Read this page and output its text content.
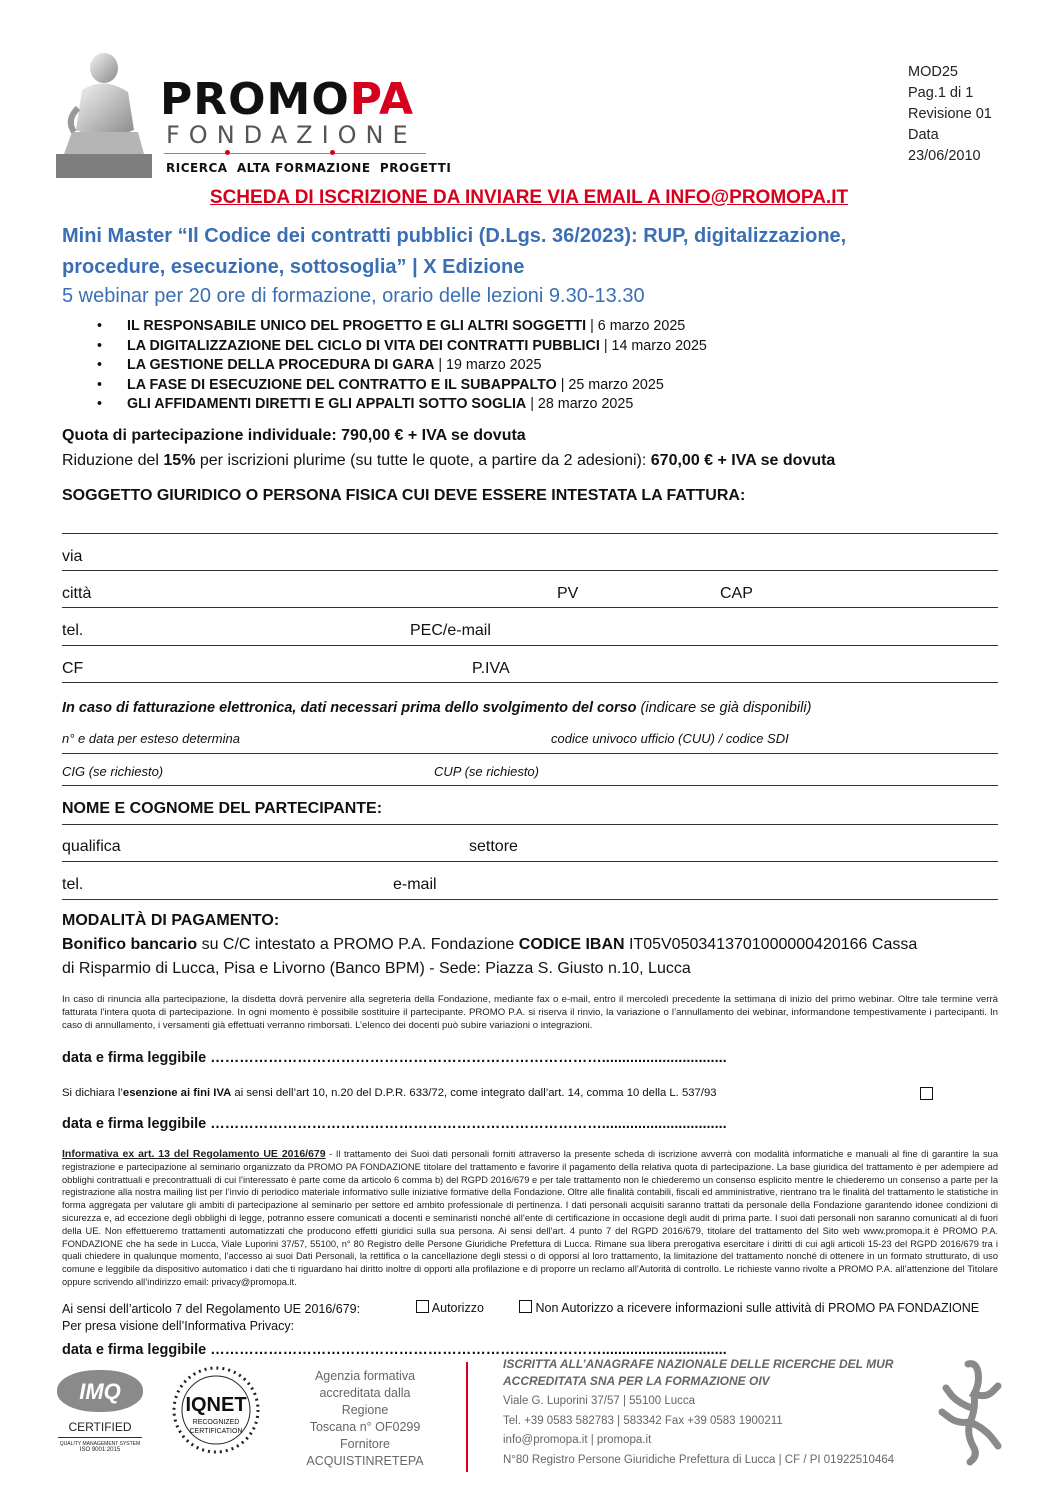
PROMOPA
FONDAZIONE
RICERCA  ALTA FORMAZIONE  PROGETTI
MOD25
Pag.1 di 1
Revisione 01
Data
23/06/2010
SCHEDA DI ISCRIZIONE DA INVIARE VIA EMAIL A INFO@PROMOPA.IT
Mini Master “Il Codice dei contratti pubblici (D.Lgs. 36/2023): RUP, digitalizzazione,
procedure, esecuzione, sottosoglia” | X Edizione
5 webinar per 20 ore di formazione, orario delle lezioni 9.30-13.30
• IL RESPONSABILE UNICO DEL PROGETTO E GLI ALTRI SOGGETTI | 6 marzo 2025
• LA DIGITALIZZAZIONE DEL CICLO DI VITA DEI CONTRATTI PUBBLICI | 14 marzo 2025
• LA GESTIONE DELLA PROCEDURA DI GARA | 19 marzo 2025
• LA FASE DI ESECUZIONE DEL CONTRATTO E IL SUBAPPALTO | 25 marzo 2025
• GLI AFFIDAMENTI DIRETTI E GLI APPALTI SOTTO SOGLIA | 28 marzo 2025
Quota di partecipazione individuale: 790,00 € + IVA se dovuta
Riduzione del 15% per iscrizioni plurime (su tutte le quote, a partire da 2 adesioni): 670,00 € + IVA se dovuta
SOGGETTO GIURIDICO O PERSONA FISICA CUI DEVE ESSERE INTESTATA LA FATTURA:
via
città	PV	CAP
tel.	PEC/e-mail
CF	P.IVA
In caso di fatturazione elettronica, dati necessari prima dello svolgimento del corso (indicare se già disponibili)
n° e data per esteso determina	codice univoco ufficio (CUU) / codice SDI
CIG (se richiesto)	CUP (se richiesto)
NOME E COGNOME DEL PARTECIPANTE:
qualifica	settore
tel.	e-mail
MODALITÀ DI PAGAMENTO:
Bonifico bancario su C/C intestato a PROMO P.A. Fondazione CODICE IBAN IT05V0503413701000000420166 Cassa
di Risparmio di Lucca, Pisa e Livorno (Banco BPM) - Sede: Piazza S. Giusto n.10, Lucca
In caso di rinuncia alla partecipazione, la disdetta dovrà pervenire alla segreteria della Fondazione, mediante fax o e-mail, entro il mercoledì precedente la settimana di inizio del primo webinar. Oltre tale termine verrà fatturata l’intera quota di partecipazione. In ogni momento è possibile sostituire il partecipante. PROMO P.A. si riserva il rinvio, la variazione o l’annullamento dei webinar, informandone tempestivamente i partecipanti. In caso di annullamento, i versamenti già effettuati verranno rimborsati. L’elenco dei docenti può subire variazioni o integrazioni.
data e firma leggibile ………………………………………………………………………...............................
Si dichiara l’esenzione ai fini IVA ai sensi dell’art 10, n.20 del D.P.R. 633/72, come integrato dall’art. 14, comma 10 della L. 537/93
data e firma leggibile ………………………………………………………………………...............................
Informativa ex art. 13 del Regolamento UE 2016/679 - Il trattamento dei Suoi dati personali forniti attraverso la presente scheda di iscrizione avverrà con modalità informatiche e manuali al fine di garantire la sua registrazione e partecipazione al seminario organizzato da PROMO PA FONDAZIONE titolare del trattamento e favorire il pagamento della relativa quota di partecipazione. La base giuridica del trattamento è per adempiere ad obblighi contrattuali e precontrattuali di cui l’interessato è parte come da articolo 6 comma b) del RGPD 2016/679 e per tale trattamento non le chiederemo un consenso esplicito mentre le chiederemo un consenso a parte per la registrazione alla nostra mailing list per l’invio di periodico materiale informativo sulle iniziative formative della Fondazione. Oltre alle finalità contabili, fiscali ed amministrative, rientrano tra le finalità del trattamento le statistiche in forma aggregata per valutare gli ambiti di partecipazione al seminario per settore ed ambito professionale di pertinenza. I dati personali acquisiti saranno trattati da personale della Fondazione garantendo idonee condizioni di sicurezza e, ad eccezione degli obblighi di legge, potranno essere comunicati a docenti e seminaristi nonché all’ente di certificazione in occasione degli audit di prima parte. I suoi dati personali non saranno comunicati al di fuori della UE. Non effettueremo trattamenti automatizzati che producono effetti giuridici sulla sua persona. Ai sensi dell’art. 4 punto 7 del RGPD 2016/679, titolare del trattamento del Sito web www.promopa.it è PROMO P.A. FONDAZIONE che ha sede in Lucca, Viale Luporini 37/57, 55100, n° 80 Registro delle Persone Giuridiche Prefettura di Lucca. Rimane sua libera prerogativa esercitare i diritti di cui agli articoli 15-23 del RGPD 2016/679 tra i quali chiedere in qualunque momento, l’accesso ai suoi Dati Personali, la rettifica o la cancellazione degli stessi o di opporsi al loro trattamento, la limitazione del trattamento nonché di ottenere in un formato strutturato, di uso comune e leggibile da dispositivo automatico i dati che ti riguardano hai diritto inoltre di opporti alla profilazione e di proporre un reclamo all’Autorità di controllo. Le richieste vanno rivolte a PROMO P.A. all’attenzione del Titolare oppure scrivendo all’indirizzo email: privacy@promopa.it.
Ai sensi dell’articolo 7 del Regolamento UE 2016/679:	Autorizzo	Non Autorizzo a ricevere informazioni sulle attività di PROMO PA FONDAZIONE
Per presa visione dell’Informativa Privacy:
data e firma leggibile ………………………………………………………………………...............................
IMQ
CERTIFIED
QUALITY MANAGEMENT SYSTEM
ISO 9001:2015
IQNET
RECOGNIZED
CERTIFICATION
Agenzia formativa
accreditata dalla Regione
Toscana n° OF0299
Fornitore
ACQUISTINRETEPA
ISCRITTA ALL’ANAGRAFE NAZIONALE DELLE RICERCHE DEL MUR
ACCREDITATA SNA PER LA FORMAZIONE OIV
Viale G. Luporini 37/57 | 55100 Lucca
Tel. +39 0583 582783 | 583342 Fax +39 0583 1900211
info@promopa.it | promopa.it
N°80 Registro Persone Giuridiche Prefettura di Lucca | CF / PI 01922510464
